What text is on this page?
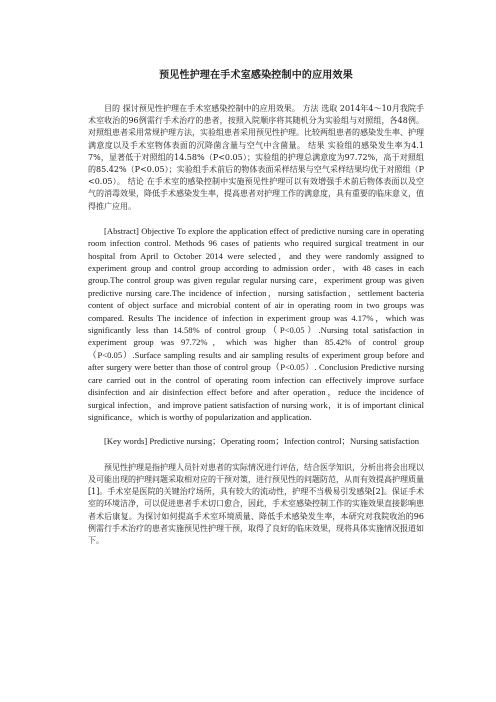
预见性护理在手术室感染控制中的应用效果

目的 探讨预见性护理在手术室感染控制中的应用效果。 方法 选取 2014年4～10月我院手术室收治的96例需行手术治疗的患者，按照入院顺序将其随机分为实验组与对照组，各48例。对照组患者采用常规护理方法，实验组患者采用预见性护理。比较两组患者的感染发生率、护理满意度以及手术室物体表面的沉降菌含量与空气中含菌量。 结果 实验组的感染发生率为4.17%，显著低于对照组的14.58%（P<0.05）；实验组的护理总满意度为97.72%，高于对照组的85.42%（P<0.05）；实验组手术前后的物体表面采样结果与空气采样结果均优于对照组（P<0.05）。 结论 在手术室的感染控制中实施预见性护理可以有效增强手术前后物体表面以及空气的消毒效果，降低手术感染发生率，提高患者对护理工作的满意度，具有重要的临床意义，值得推广应用。

[Abstract] Objective To explore the application effect of predictive nursing care in operating room infection control. Methods 96 cases of patients who required surgical treatment in our hospital from April to October 2014 were selected，and they were randomly assigned to experiment group and control group according to admission order，with 48 cases in each group.The control group was given regular regular nursing care，experiment group was given predictive nursing care.The incidence of infection，nursing satisfaction，settlement bacteria content of object surface and microbial content of air in operating room in two groups was compared. Results The incidence of infection in experiment group was 4.17%，which was significantly less than 14.58% of control group（P<0.05）.Nursing total satisfaction in experiment group was 97.72%，which was higher than 85.42% of control group（P<0.05）.Surface sampling results and air sampling results of experiment group before and after surgery were better than those of control group（P<0.05）. Conclusion Predictive nursing care carried out in the control of operating room infection can effectively improve surface disinfection and air disinfection effect before and after operation，reduce the incidence of surgical infection，and improve patient satisfaction of nursing work，it is of important clinical significance，which is worthy of popularization and application.

[Key words] Predictive nursing；Operating room；Infection control；Nursing satisfaction

预见性护理是指护理人员针对患者的实际情况进行评估，结合医学知识，分析出将会出现以及可能出现的护理问题采取相对应的干预对策，进行预见性的问题防范，从而有效提高护理质量[1]。手术室是医院的关键治疗场所，具有较大的流动性，护理不当极易引发感染[2]。保证手术室的环境洁净，可以促进患者手术切口愈合，因此，手术室感染控制工作的实施效果直接影响患者术后康复。为探讨如何提高手术室环境质量、降低手术感染发生率，本研究对我院收治的96例需行手术治疗的患者实施预见性护理干预，取得了良好的临床效果，现将具体实施情况报道如下。
